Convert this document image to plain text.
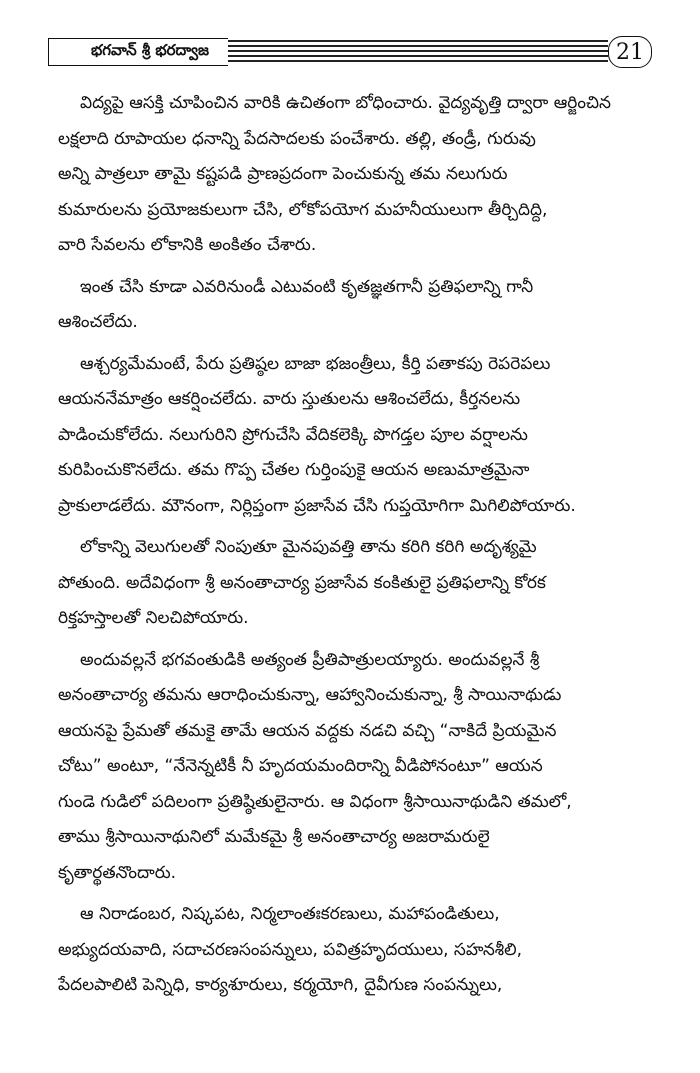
భగవాన్ శ్రీ భరద్వాజ	21
విద్యపై ఆసక్తి చూపించిన వారికి ఉచితంగా బోధించారు. వైద్యవృత్తి ద్వారా ఆర్జించిన
లక్షలాది రూపాయల ధనాన్ని పేదసాదలకు పంచేశారు. తల్లి, తండ్రీ, గురువు
అన్ని పాత్రలూ తామై కష్టపడి ప్రాణప్రదంగా పెంచుకున్న తమ నలుగురు
కుమారులను ప్రయోజకులుగా చేసి, లోకోపయోగ మహనీయులుగా తీర్చిదిద్ది,
వారి సేవలను లోకానికి అంకితం చేశారు.
ఇంత చేసి కూడా ఎవరినుండీ ఎటువంటి కృతజ్ఞతగానీ ప్రతిఫలాన్ని గానీ
ఆశించలేదు.
ఆశ్చర్యమేమంటే, పేరు ప్రతిష్ఠల బాజా భజంత్రీలు, కీర్తి పతాకపు రెపరెపలు
ఆయననేమాత్రం ఆకర్షించలేదు. వారు స్తుతులను ఆశించలేదు, కీర్తనలను
పాడించుకోలేదు. నలుగురిని ప్రోగుచేసి వేదికలెక్కి పొగడ్తల పూల వర్షాలను
కురిపించుకొనలేదు. తమ గొప్ప చేతల గుర్తింపుకై ఆయన అణుమాత్రమైనా
ప్రాకులాడలేదు. మౌనంగా, నిర్లిప్తంగా ప్రజాసేవ చేసి గుప్తయోగిగా మిగిలిపోయారు.
లోకాన్ని వెలుగులతో నింపుతూ మైనపువత్తి తాను కరిగి కరిగి అదృశ్యమై
పోతుంది. అదేవిధంగా శ్రీ అనంతాచార్య ప్రజాసేవ కంకితులై ప్రతిఫలాన్ని కోరక
రిక్తహస్తాలతో నిలచిపోయారు.
అందువల్లనే భగవంతుడికి అత్యంత ప్రీతిపాత్రులయ్యారు. అందువల్లనే శ్రీ
అనంతాచార్య తమను ఆరాధించుకున్నా, ఆహ్వానించుకున్నా, శ్రీ సాయినాథుడు
ఆయనపై ప్రేమతో తమకై తామే ఆయన వద్దకు నడచి వచ్చి “నాకిదే ప్రియమైన
చోటు” అంటూ, “నేనెన్నటికీ నీ హృదయమందిరాన్ని వీడిపోనంటూ” ఆయన
గుండె గుడిలో పదిలంగా ప్రతిష్ఠితులైనారు. ఆ విధంగా శ్రీసాయినాథుడిని తమలో,
తాము శ్రీసాయినాథునిలో మమేకమై శ్రీ అనంతాచార్య అజరామరులై
కృతార్థతనొందారు.
ఆ నిరాడంబర, నిష్కపట, నిర్మలాంతఃకరణులు, మహాపండితులు,
అభ్యుదయవాది, సదాచరణసంపన్నులు, పవిత్రహృదయులు, సహనశీలి,
పేదలపాలిటి పెన్నిధి, కార్యశూరులు, కర్మయోగి, దైవీగుణ సంపన్నులు,
